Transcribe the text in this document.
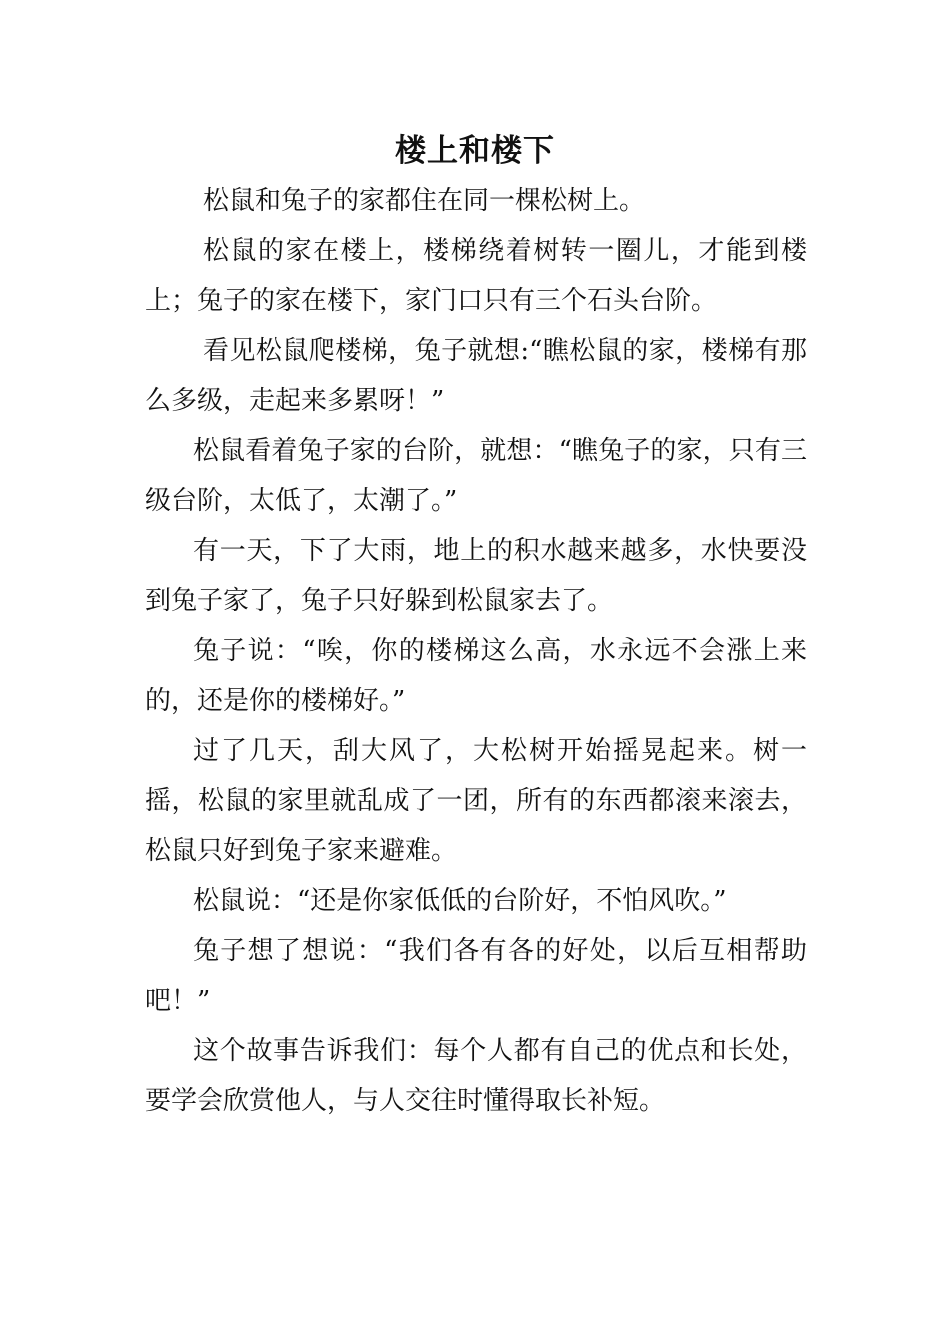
楼上和楼下

松鼠和兔子的家都住在同一棵松树上。

松鼠的家在楼上，楼梯绕着树转一圈儿，才能到楼上；兔子的家在楼下，家门口只有三个石头台阶。

看见松鼠爬楼梯，兔子就想:“瞧松鼠的家，楼梯有那么多级，走起来多累呀！”

松鼠看着兔子家的台阶，就想：“瞧兔子的家，只有三级台阶，太低了，太潮了。”

有一天，下了大雨，地上的积水越来越多，水快要没到兔子家了，兔子只好躲到松鼠家去了。

兔子说：“唉，你的楼梯这么高，水永远不会涨上来的，还是你的楼梯好。”

过了几天，刮大风了，大松树开始摇晃起来。树一摇，松鼠的家里就乱成了一团，所有的东西都滚来滚去，松鼠只好到兔子家来避难。

松鼠说：“还是你家低低的台阶好，不怕风吹。”

兔子想了想说：“我们各有各的好处，以后互相帮助吧！”

这个故事告诉我们：每个人都有自己的优点和长处，要学会欣赏他人，与人交往时懂得取长补短。
